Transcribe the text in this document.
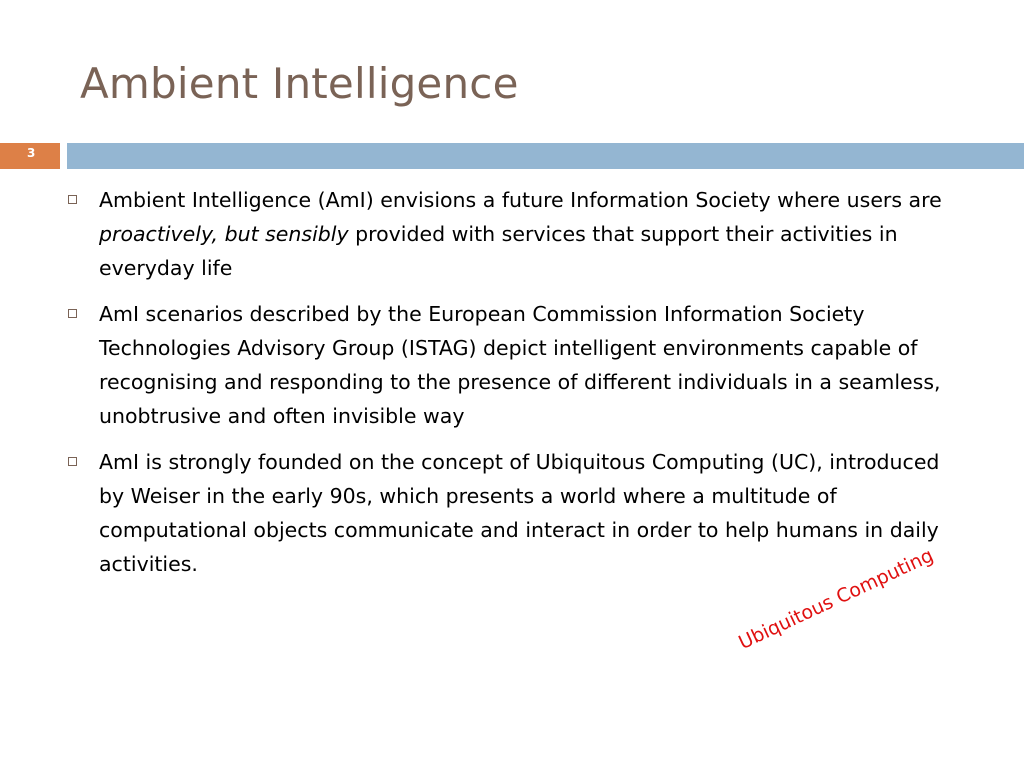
Ambient Intelligence
3
Ambient Intelligence (AmI) envisions a future Information Society where users are proactively, but sensibly provided with services that support their activities in everyday life
AmI scenarios described by the European Commission Information Society Technologies Advisory Group (ISTAG) depict intelligent environments capable of recognising and responding to the presence of different individuals in a seamless, unobtrusive and often invisible way
AmI is strongly founded on the concept of Ubiquitous Computing (UC), introduced by Weiser in the early 90s, which presents a world where a multitude of computational objects communicate and interact in order to help humans in daily activities.	Ubiquitous Computing
